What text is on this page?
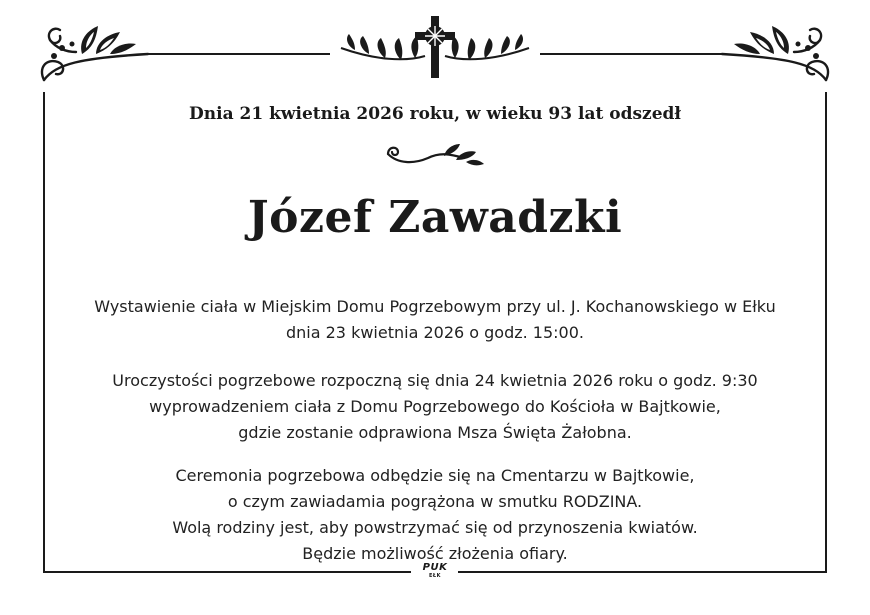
PUK
EŁK
Dnia 21 kwietnia 2026 roku, w wieku 93 lat odszedł
Józef Zawadzki
Wystawienie ciała w Miejskim Domu Pogrzebowym przy ul. J. Kochanowskiego w Ełku
dnia 23 kwietnia 2026 o godz. 15:00.
Uroczystości pogrzebowe rozpoczną się dnia 24 kwietnia 2026 roku o godz. 9:30
wyprowadzeniem ciała z Domu Pogrzebowego do Kościoła w Bajtkowie,
gdzie zostanie odprawiona Msza Święta Żałobna.
Ceremonia pogrzebowa odbędzie się na Cmentarzu w Bajtkowie,
o czym zawiadamia pogrążona w smutku RODZINA.
Wolą rodziny jest, aby powstrzymać się od przynoszenia kwiatów.
Będzie możliwość złożenia ofiary.
